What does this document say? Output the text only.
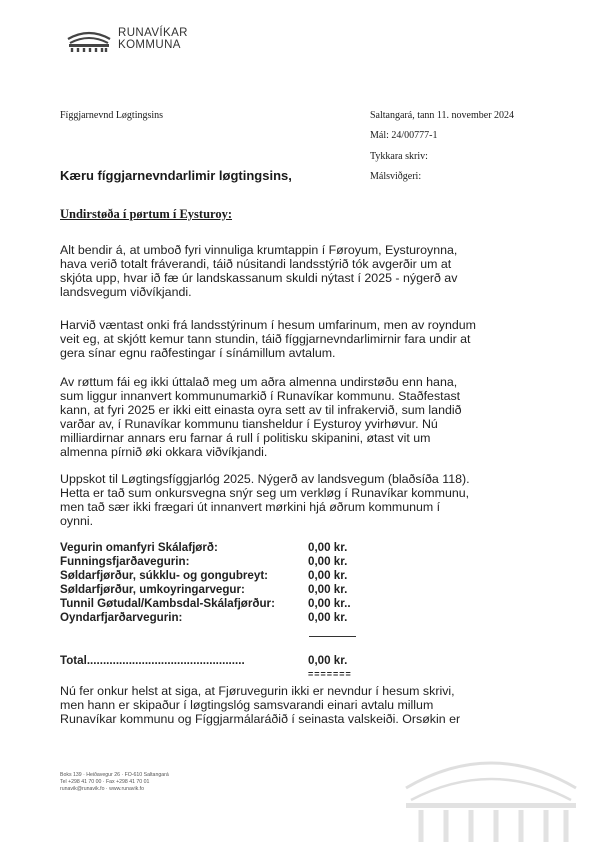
RUNAVÍKAR
KOMMUNA
Fíggjarnevnd Løgtingsins	Saltangará, tann 11. november 2024
Mál: 24/00777-1
Tykkara skriv:
Málsviðgeri:
Kæru fíggjarnevndarlimir løgtingsins,
Undirstøða í pørtum í Eysturoy:
Alt bendir á, at umboð fyri vinnuliga krumtappin í Føroyum, Eysturoynna,
hava verið totalt fráverandi, táið núsitandi landsstýrið tók avgerðir um at
skjóta upp, hvar ið fæ úr landskassanum skuldi nýtast í 2025 - nýgerð av
landsvegum viðvíkjandi.
Harvið væntast onki frá landsstýrinum í hesum umfarinum, men av royndum
veit eg, at skjótt kemur tann stundin, táið fíggjarnevndarlimirnir fara undir at
gera sínar egnu raðfestingar í sínámillum avtalum.
Av røttum fái eg ikki úttalað meg um aðra almenna undirstøðu enn hana,
sum liggur innanvert kommunumarkið í Runavíkar kommunu. Staðfestast
kann, at fyri 2025 er ikki eitt einasta oyra sett av til infrakervið, sum landið
varðar av, í Runavíkar kommunu tiansheldur í Eysturoy yvirhøvur. Nú
milliardirnar annars eru farnar á rull í politisku skipanini, øtast vit um
almenna pírnið øki okkara viðvíkjandi.
Uppskot til Løgtingsfíggjarlóg 2025. Nýgerð av landsvegum (blaðsíða 118).
Hetta er tað sum onkursvegna snýr seg um verkløg í Runavíkar kommunu,
men tað sær ikki frægari út innanvert mørkini hjá øðrum kommunum í
oynni.
Vegurin omanfyri Skálafjørð:	0,00 kr.
Funningsfjarðavegurin:	0,00 kr.
Søldarfjørður, súkklu- og gongubreyt:	0,00 kr.
Søldarfjørður, umkoyringarvegur:	0,00 kr.
Tunnil Gøtudal/Kambsdal-Skálafjørður:	0,00 kr..
Oyndarfjarðarvegurin:	0,00 kr.
Total.................................................	0,00 kr.
=======
Nú fer onkur helst at siga, at Fjøruvegurin ikki er nevndur í hesum skrivi,
men hann er skipaður í løgtingslóg samsvarandi einari avtalu millum
Runavíkar kommunu og Fíggjarmálaráðið í seinasta valskeiði. Orsøkin er
Boks 139 · Heiðavegur 26 · FO-610 Saltangará
Tel +298 41 70 00 · Fax +298 41 70 01
runavik@runavik.fo · www.runavik.fo
